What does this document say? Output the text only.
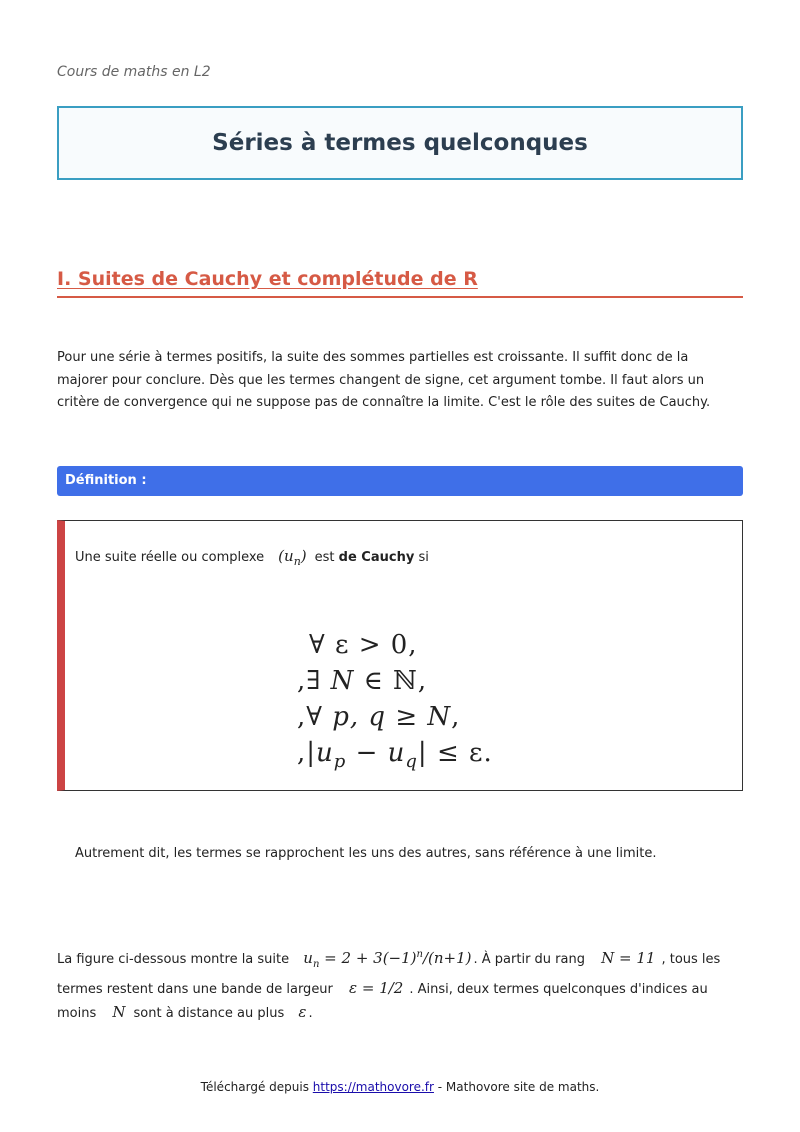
Cours de maths en L2
Séries à termes quelconques
I. Suites de Cauchy et complétude de R
Pour une série à termes positifs, la suite des sommes partielles est croissante. Il suffit donc de la majorer pour conclure. Dès que les termes changent de signe, cet argument tombe. Il faut alors un critère de convergence qui ne suppose pas de connaître la limite. C'est le rôle des suites de Cauchy.
Définition :
Une suite réelle ou complexe $(u_n)$ est
de Cauchy
si
∀ ε > 0,
,∃ N ∈ ℕ,
,∀ p, q ≥ N,
$,|u_p - u_q| \le \varepsilon$.
Autrement dit, les termes se rapprochent les uns des autres, sans référence à une limite.
La figure ci-dessous montre la suite $u_n = 2 + 3(-1)^n/(n+1)$ . À partir du rang N = 11 , tous les termes restent dans une bande de largeur ε = 1/2 . Ainsi, deux termes quelconques d'indices au moins N sont à distance au plus ε .
Téléchargé depuis https://mathovore.fr - Mathovore site de maths.
